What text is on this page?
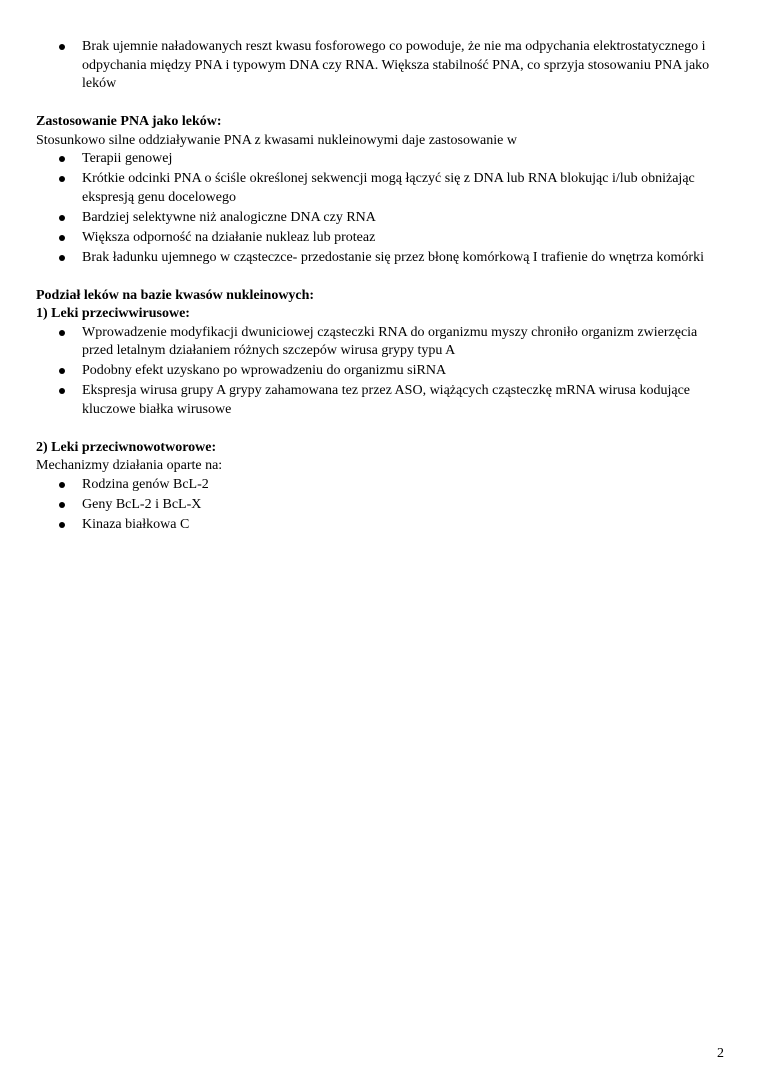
Brak ujemnie naładowanych reszt kwasu fosforowego co powoduje, że nie ma odpychania elektrostatycznego i odpychania między PNA i typowym DNA czy RNA. Większa stabilność PNA, co sprzyja stosowaniu PNA jako leków
Zastosowanie PNA jako leków:
Stosunkowo silne oddziaływanie PNA z kwasami nukleinowymi daje zastosowanie w
Terapii genowej
Krótkie odcinki PNA o ściśle określonej sekwencji mogą łączyć się z DNA lub RNA blokując i/lub obniżając ekspresją genu docelowego
Bardziej selektywne niż analogiczne DNA czy RNA
Większa odporność na działanie nukleaz lub proteaz
Brak ładunku ujemnego w cząsteczce- przedostanie się przez błonę komórkową I trafienie do wnętrza komórki
Podział leków na bazie kwasów nukleinowych:
1) Leki przeciwwirusowe:
Wprowadzenie modyfikacji dwuniciowej cząsteczki RNA do organizmu myszy chroniło organizm zwierzęcia przed letalnym działaniem różnych szczepów wirusa grypy typu A
Podobny efekt uzyskano po wprowadzeniu do organizmu siRNA
Ekspresja wirusa grupy A grypy zahamowana tez przez ASO, wiążących cząsteczkę mRNA wirusa kodujące kluczowe białka wirusowe
2) Leki przeciwnowotworowe:
Mechanizmy działania oparte na:
Rodzina genów BcL-2
Geny BcL-2 i BcL-X
Kinaza białkowa C
2
